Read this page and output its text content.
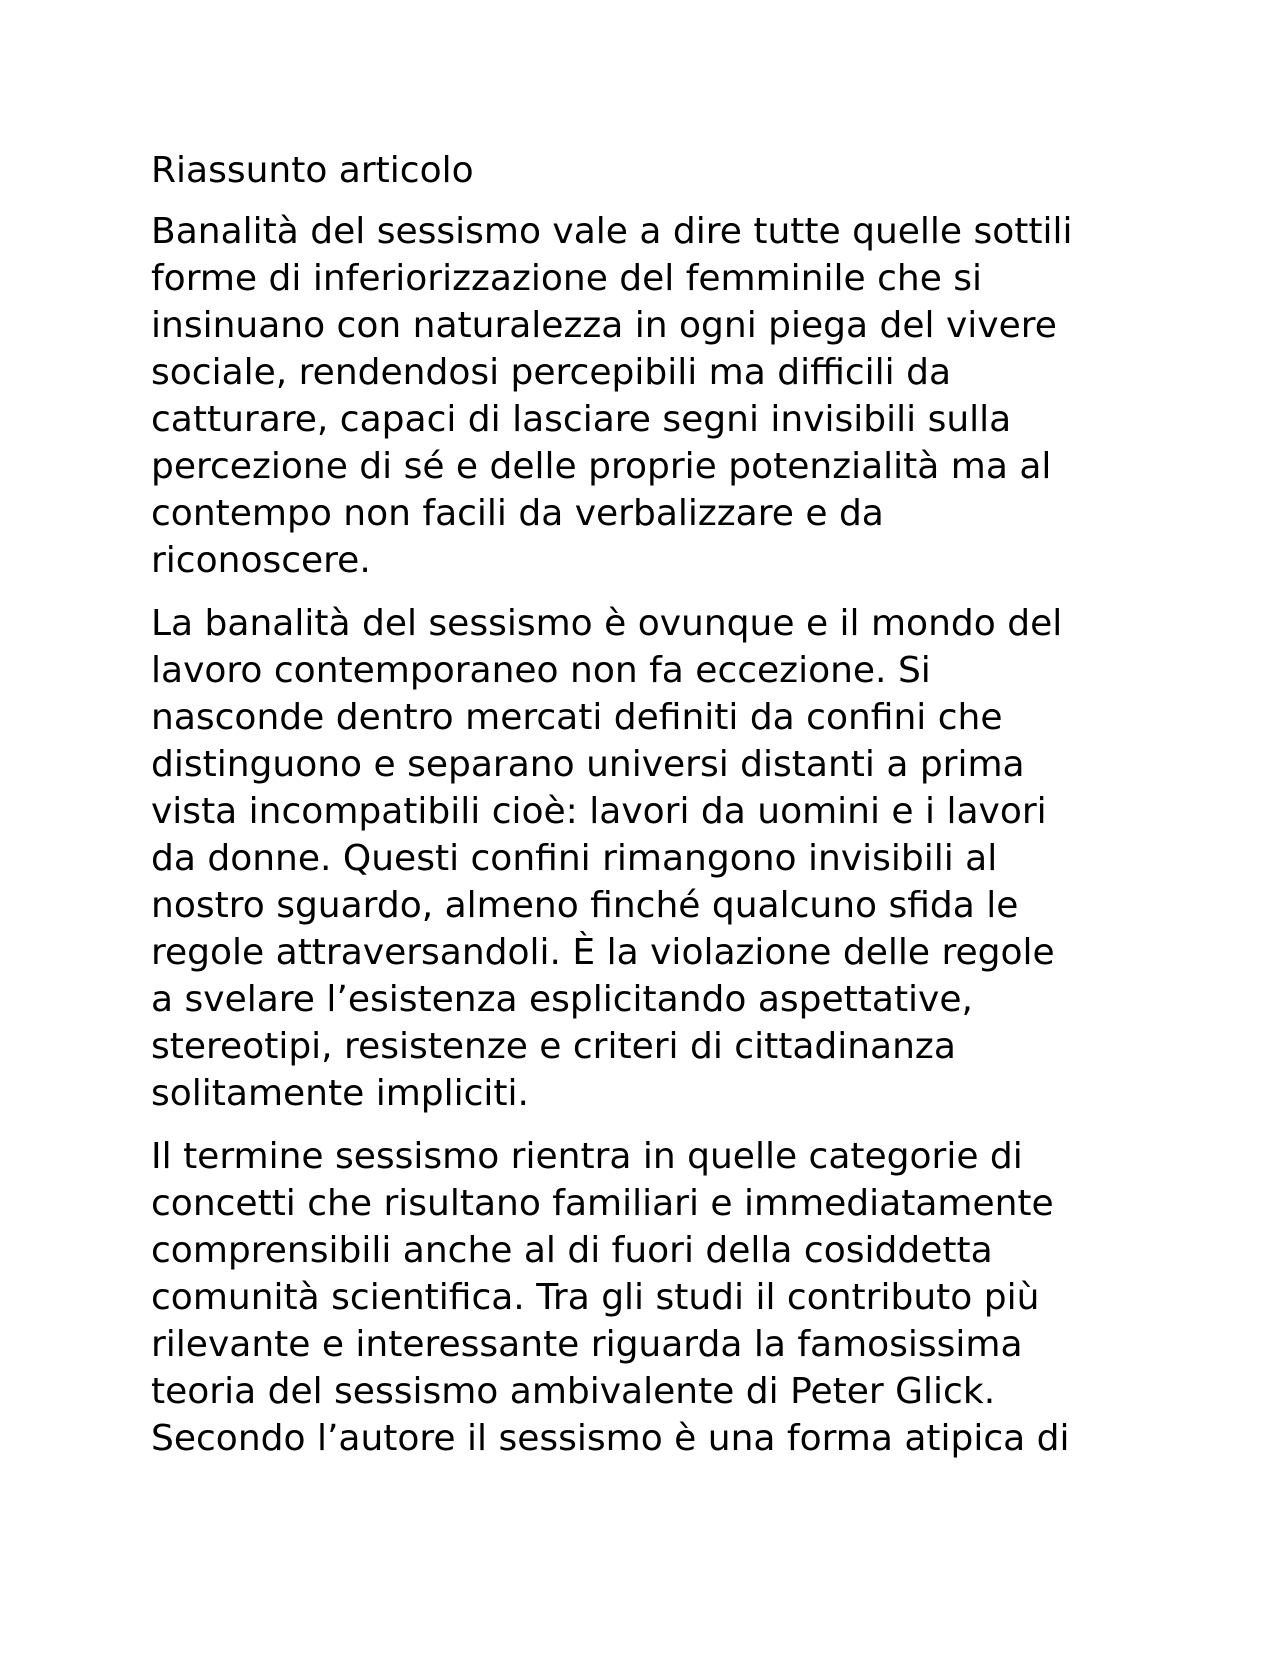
Riassunto articolo
Banalità del sessismo vale a dire tutte quelle sottili
forme di inferiorizzazione del femminile che si
insinuano con naturalezza in ogni piega del vivere
sociale, rendendosi percepibili ma difficili da
catturare, capaci di lasciare segni invisibili sulla
percezione di sé e delle proprie potenzialità ma al
contempo non facili da verbalizzare e da
riconoscere.
La banalità del sessismo è ovunque e il mondo del
lavoro contemporaneo non fa eccezione. Si
nasconde dentro mercati definiti da confini che
distinguono e separano universi distanti a prima
vista incompatibili cioè: lavori da uomini e i lavori
da donne. Questi confini rimangono invisibili al
nostro sguardo, almeno finché qualcuno sfida le
regole attraversandoli. È la violazione delle regole
a svelare l’esistenza esplicitando aspettative,
stereotipi, resistenze e criteri di cittadinanza
solitamente impliciti.
Il termine sessismo rientra in quelle categorie di
concetti che risultano familiari e immediatamente
comprensibili anche al di fuori della cosiddetta
comunità scientifica. Tra gli studi il contributo più
rilevante e interessante riguarda la famosissima
teoria del sessismo ambivalente di Peter Glick.
Secondo l’autore il sessismo è una forma atipica di
